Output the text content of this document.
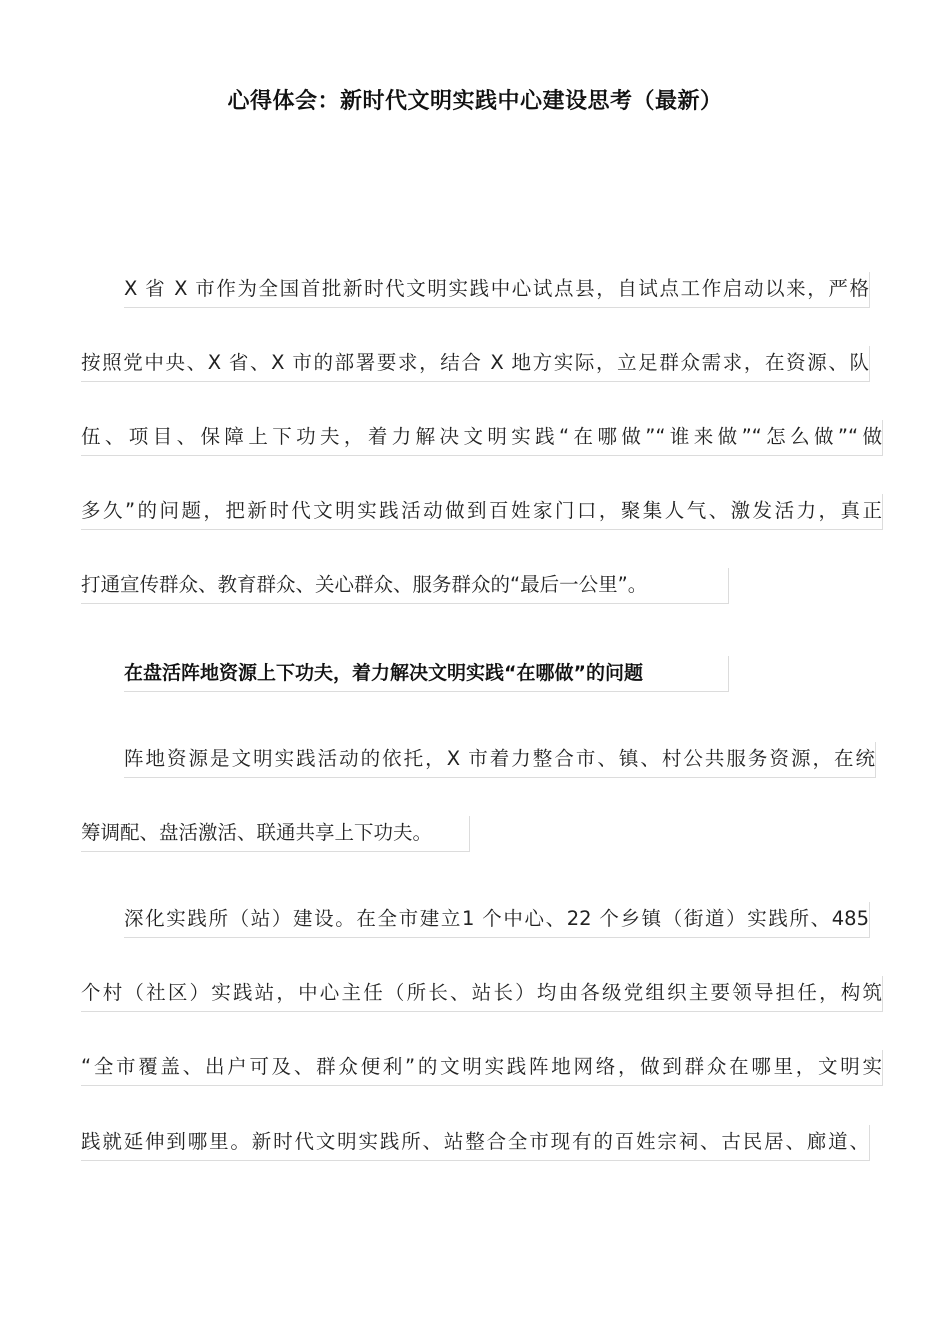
心得体会：新时代文明实践中心建设思考（最新）
X 省 X 市作为全国首批新时代文明实践中心试点县，自试点工作启动以来，严格
按照党中央、X 省、X 市的部署要求，结合 X 地方实际，立足群众需求，在资源、队
伍、项目、保障上下功夫，着力解决文明实践“在哪做”“谁来做”“怎么做”“做
多久”的问题，把新时代文明实践活动做到百姓家门口，聚集人气、激发活力，真正
打通宣传群众、教育群众、关心群众、服务群众的“最后一公里”。
在盘活阵地资源上下功夫，着力解决文明实践“在哪做”的问题
阵地资源是文明实践活动的依托，X 市着力整合市、镇、村公共服务资源，在统
筹调配、盘活激活、联通共享上下功夫。
深化实践所（站）建设。在全市建立1 个中心、22 个乡镇（街道）实践所、485
个村（社区）实践站，中心主任（所长、站长）均由各级党组织主要领导担任，构筑
“全市覆盖、出户可及、群众便利”的文明实践阵地网络，做到群众在哪里，文明实
践就延伸到哪里。新时代文明实践所、站整合全市现有的百姓宗祠、古民居、廊道、
